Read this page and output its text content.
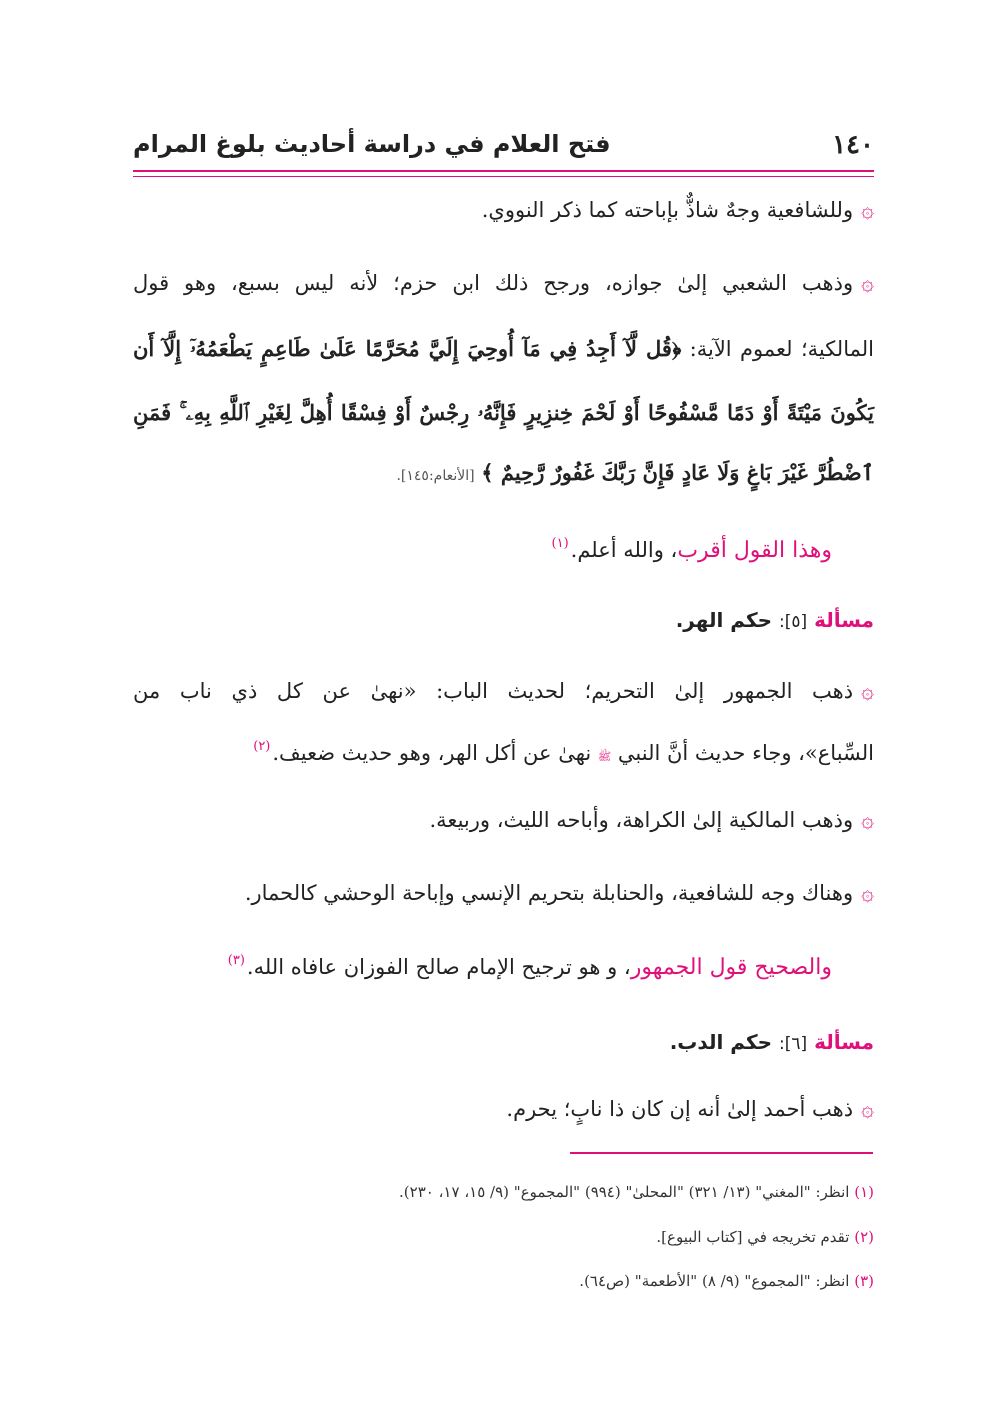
١٤٠
فتح العلام في دراسة أحاديث بلوغ المرام
۞وللشافعية وجهٌ شاذٌّ بإباحته كما ذكر النووي.
۞وذهب الشعبي إلىٰ جوازه، ورجح ذلك ابن حزم؛ لأنه ليس بسبع، وهو قول
المالكية؛ لعموم الآية: ﴿قُل لَّآ أَجِدُ فِي مَآ أُوحِيَ إِلَيَّ مُحَرَّمًا عَلَىٰ طَاعِمٍ يَطْعَمُهُۥٓ إِلَّآ أَن
يَكُونَ مَيْتَةً أَوْ دَمًا مَّسْفُوحًا أَوْ لَحْمَ خِنزِيرٍ فَإِنَّهُۥ رِجْسٌ أَوْ فِسْقًا أُهِلَّ لِغَيْرِ ٱللَّهِ بِهِۦ ۚ فَمَنِ
ٱضْطُرَّ غَيْرَ بَاغٍ وَلَا عَادٍ فَإِنَّ رَبَّكَ غَفُورٌ رَّحِيمٌ ﴾ [الأنعام:١٤٥].
وهذا القول أقرب، والله أعلم.$^{(١)}$
مسألة [٥]: حكم الهر.
۞ذهب الجمهور إلىٰ التحريم؛ لحديث الباب: «نهىٰ عن كل ذي ناب من
السِّباع»، وجاء حديث أنَّ النبي ﷺ نهىٰ عن أكل الهر، وهو حديث ضعيف.$^{(٢)}$
۞وذهب المالكية إلىٰ الكراهة، وأباحه الليث، وربيعة.
۞وهناك وجه للشافعية، والحنابلة بتحريم الإنسي وإباحة الوحشي كالحمار.
والصحيح قول الجمهور، و هو ترجيح الإمام صالح الفوزان عافاه الله.$^{(٣)}$
مسألة [٦]: حكم الدب.
۞ذهب أحمد إلىٰ أنه إن كان ذا نابٍ؛ يحرم.
(١) انظر: "المغني" (١٣/ ٣٢١) "المحلىٰ" (٩٩٤) "المجموع" (٩/ ١٥، ١٧، ٢٣٠).
(٢) تقدم تخريجه في [كتاب البيوع].
(٣) انظر: "المجموع" (٩/ ٨) "الأطعمة" (ص٦٤).
